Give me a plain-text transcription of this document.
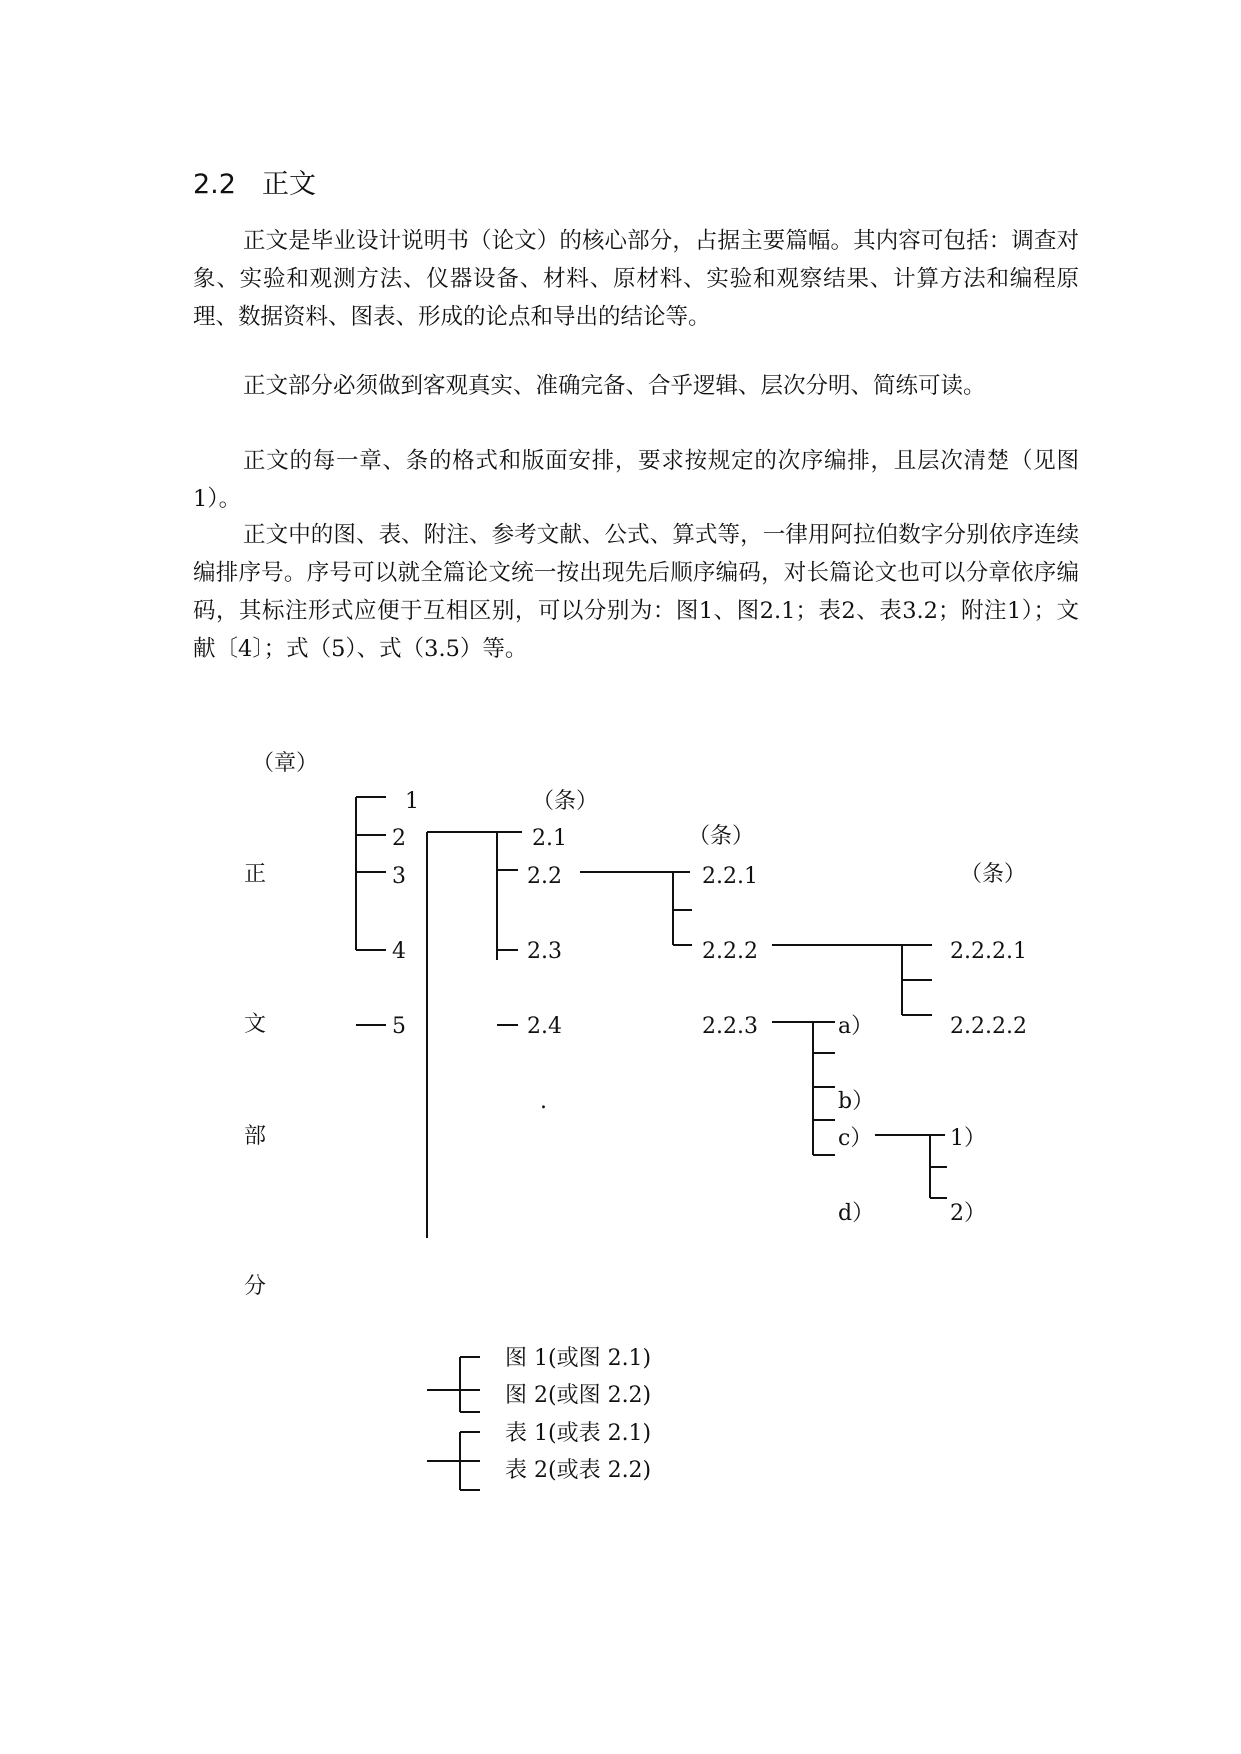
2.2 正文

正文是毕业设计说明书（论文）的核心部分，占据主要篇幅。其内容可包括：调查对象、实验和观测方法、仪器设备、材料、原材料、实验和观察结果、计算方法和编程原理、数据资料、图表、形成的论点和导出的结论等。

正文部分必须做到客观真实、准确完备、合乎逻辑、层次分明、简练可读。

正文的每一章、条的格式和版面安排，要求按规定的次序编排，且层次清楚（见图1）。

正文中的图、表、附注、参考文献、公式、算式等，一律用阿拉伯数字分别依序连续编排序号。序号可以就全篇论文统一按出现先后顺序编码，对长篇论文也可以分章依序编码，其标注形式应便于互相区别，可以分别为：图1、图2.1；表2、表3.2；附注1）；文献〔4〕；式（5）、式（3.5）等。

（章）
（条）
（条）
（条）
正
文
部
分
1
2
3
4
5
2.1
2.2
2.3
2.4
.
2.2.1
2.2.2
2.2.3
2.2.2.1
2.2.2.2
a）
b）
c）
d）
1）
2）
图 1(或图 2.1)
图 2(或图 2.2)
表 1(或表 2.1)
表 2(或表 2.2)
